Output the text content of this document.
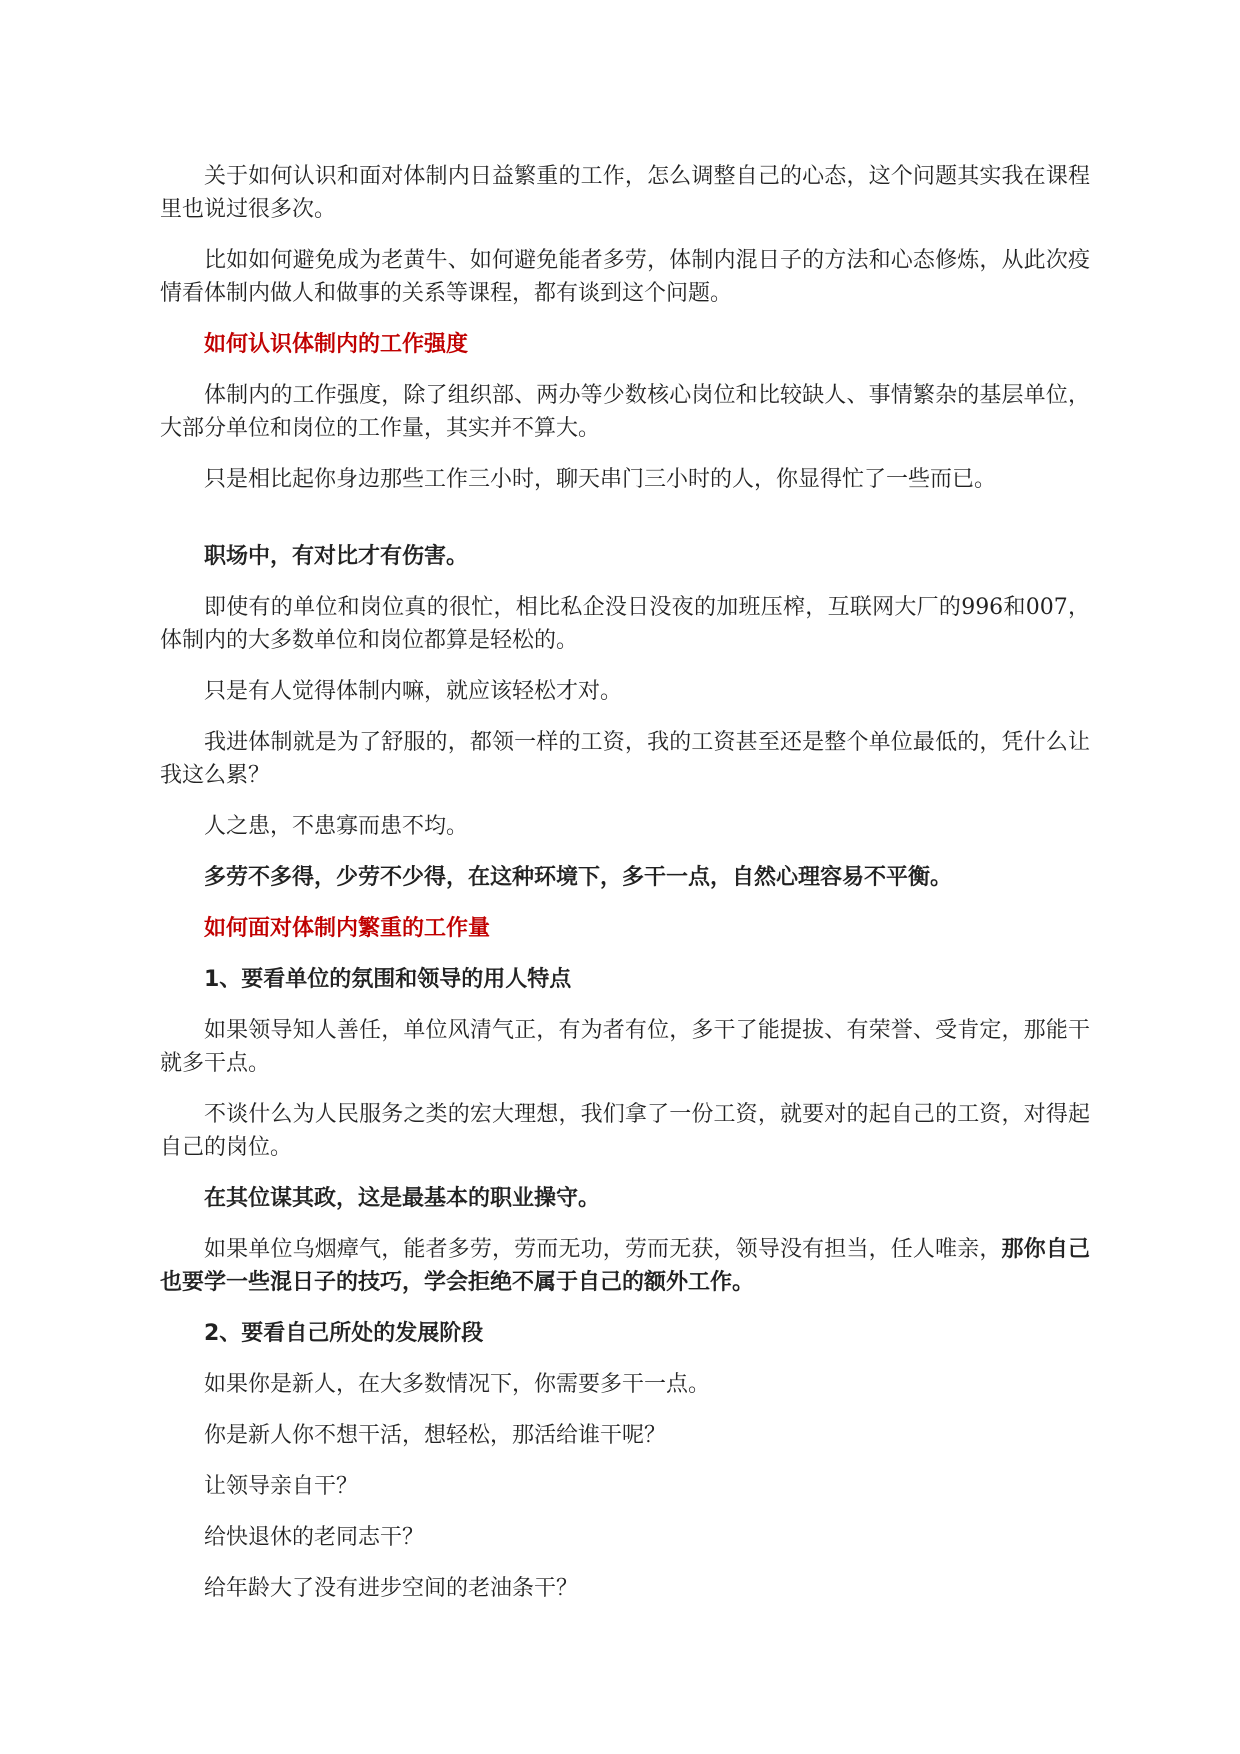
关于如何认识和面对体制内日益繁重的工作，怎么调整自己的心态，这个问题其实我在课程里也说过很多次。

比如如何避免成为老黄牛、如何避免能者多劳，体制内混日子的方法和心态修炼，从此次疫情看体制内做人和做事的关系等课程，都有谈到这个问题。

如何认识体制内的工作强度

体制内的工作强度，除了组织部、两办等少数核心岗位和比较缺人、事情繁杂的基层单位，大部分单位和岗位的工作量，其实并不算大。

只是相比起你身边那些工作三小时，聊天串门三小时的人，你显得忙了一些而已。

职场中，有对比才有伤害。

即使有的单位和岗位真的很忙，相比私企没日没夜的加班压榨，互联网大厂的996和007，体制内的大多数单位和岗位都算是轻松的。

只是有人觉得体制内嘛，就应该轻松才对。

我进体制就是为了舒服的，都领一样的工资，我的工资甚至还是整个单位最低的，凭什么让我这么累？

人之患，不患寡而患不均。

多劳不多得，少劳不少得，在这种环境下，多干一点，自然心理容易不平衡。

如何面对体制内繁重的工作量

1、要看单位的氛围和领导的用人特点

如果领导知人善任，单位风清气正，有为者有位，多干了能提拔、有荣誉、受肯定，那能干就多干点。

不谈什么为人民服务之类的宏大理想，我们拿了一份工资，就要对的起自己的工资，对得起自己的岗位。

在其位谋其政，这是最基本的职业操守。

如果单位乌烟瘴气，能者多劳，劳而无功，劳而无获，领导没有担当，任人唯亲，那你自己也要学一些混日子的技巧，学会拒绝不属于自己的额外工作。

2、要看自己所处的发展阶段

如果你是新人，在大多数情况下，你需要多干一点。

你是新人你不想干活，想轻松，那活给谁干呢？

让领导亲自干？

给快退休的老同志干？

给年龄大了没有进步空间的老油条干？
